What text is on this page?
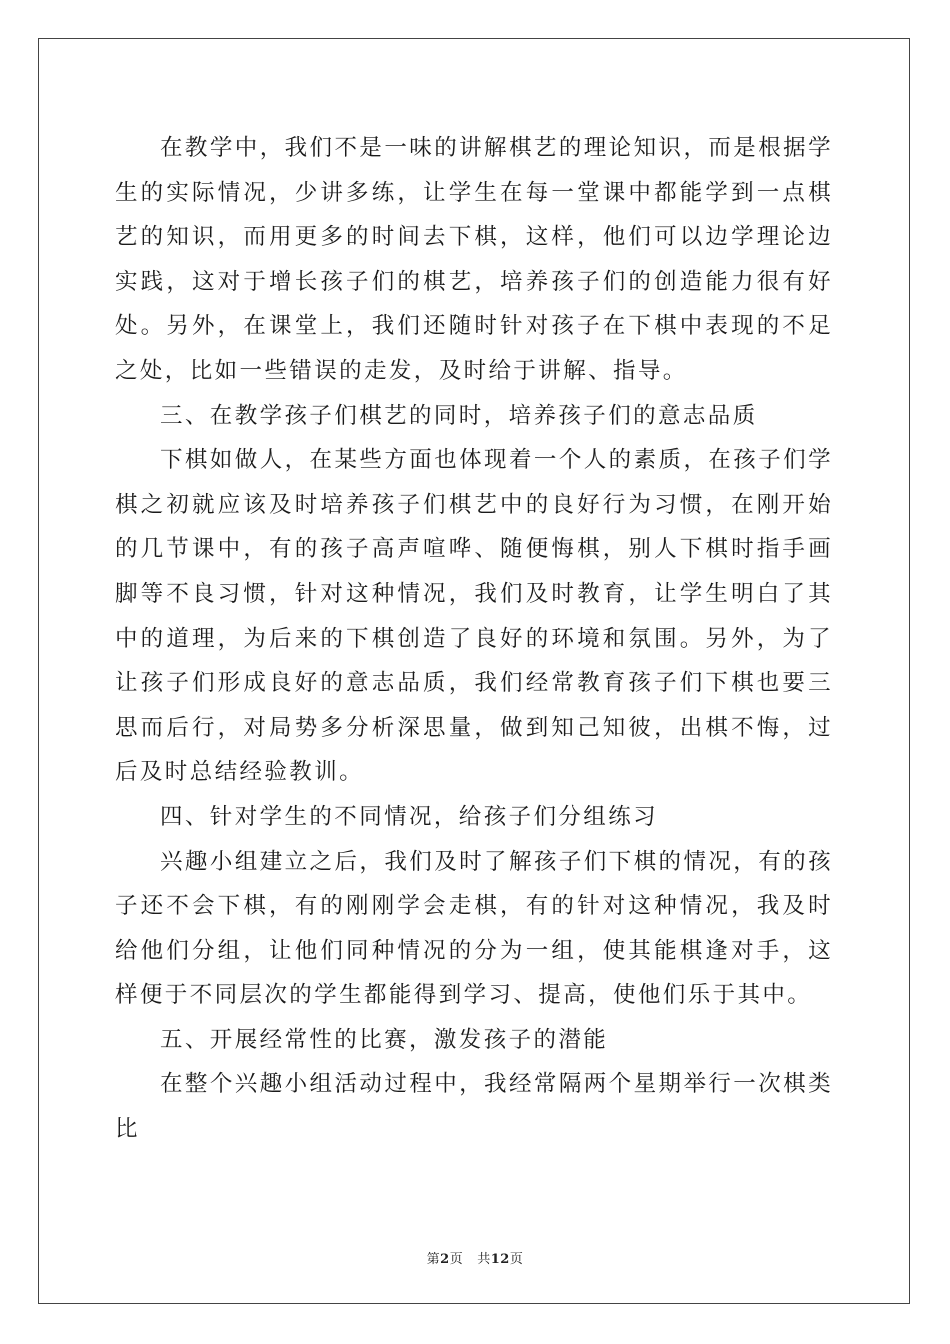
在教学中，我们不是一味的讲解棋艺的理论知识，而是根据学生的实际情况，少讲多练，让学生在每一堂课中都能学到一点棋艺的知识，而用更多的时间去下棋，这样，他们可以边学理论边实践，这对于增长孩子们的棋艺，培养孩子们的创造能力很有好处。另外，在课堂上，我们还随时针对孩子在下棋中表现的不足之处，比如一些错误的走发，及时给于讲解、指导。

三、在教学孩子们棋艺的同时，培养孩子们的意志品质

下棋如做人，在某些方面也体现着一个人的素质，在孩子们学棋之初就应该及时培养孩子们棋艺中的良好行为习惯，在刚开始的几节课中，有的孩子高声喧哗、随便悔棋，别人下棋时指手画脚等不良习惯，针对这种情况，我们及时教育，让学生明白了其中的道理，为后来的下棋创造了良好的环境和氛围。另外，为了让孩子们形成良好的意志品质，我们经常教育孩子们下棋也要三思而后行，对局势多分析深思量，做到知己知彼，出棋不悔，过后及时总结经验教训。

四、针对学生的不同情况，给孩子们分组练习

兴趣小组建立之后，我们及时了解孩子们下棋的情况，有的孩子还不会下棋，有的刚刚学会走棋，有的针对这种情况，我及时给他们分组，让他们同种情况的分为一组，使其能棋逢对手，这样便于不同层次的学生都能得到学习、提高，使他们乐于其中。

五、开展经常性的比赛，激发孩子的潜能

在整个兴趣小组活动过程中，我经常隔两个星期举行一次棋类比

第2页 共12页
